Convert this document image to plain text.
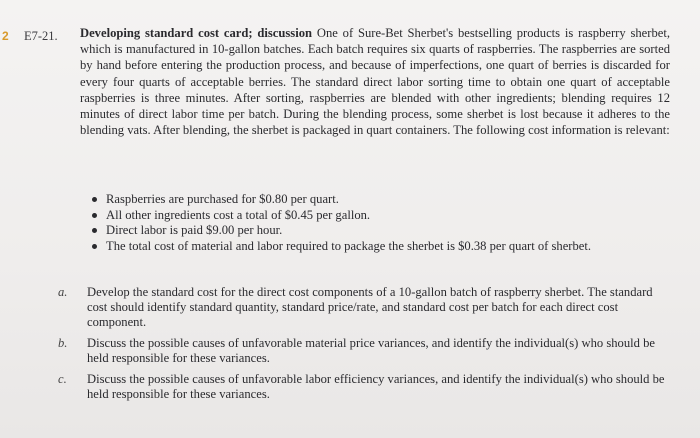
2 E7-21. Developing standard cost card; discussion One of Sure-Bet Sherbet's bestselling products is raspberry sherbet, which is manufactured in 10-gallon batches. Each batch requires six quarts of raspberries. The raspberries are sorted by hand before entering the production process, and because of imperfections, one quart of berries is discarded for every four quarts of acceptable berries. The standard direct labor sorting time to obtain one quart of acceptable raspberries is three minutes. After sorting, raspberries are blended with other ingredients; blending requires 12 minutes of direct labor time per batch. During the blending process, some sherbet is lost because it adheres to the blending vats. After blending, the sherbet is packaged in quart containers. The following cost information is relevant:
Raspberries are purchased for $0.80 per quart.
All other ingredients cost a total of $0.45 per gallon.
Direct labor is paid $9.00 per hour.
The total cost of material and labor required to package the sherbet is $0.38 per quart of sherbet.
a.	Develop the standard cost for the direct cost components of a 10-gallon batch of raspberry sherbet. The standard cost should identify standard quantity, standard price/rate, and standard cost per batch for each direct cost component.
b.	Discuss the possible causes of unfavorable material price variances, and identify the individual(s) who should be held responsible for these variances.
c.	Discuss the possible causes of unfavorable labor efficiency variances, and identify the individual(s) who should be held responsible for these variances.
